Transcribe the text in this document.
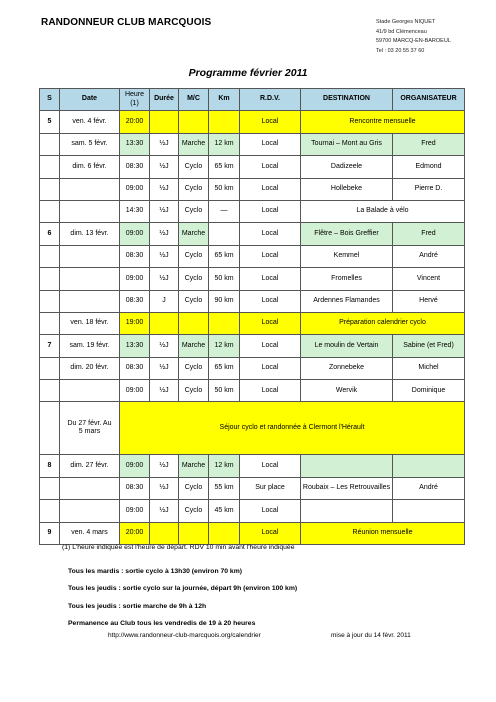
RANDONNEUR CLUB MARCQUOIS	Stade Georges NIQUET
41/9 bd Clémenceau
59700 MARCQ-EN-BAROEUL
Tel : 03 20 55 37 60
Programme février 2011
S	Date	Heure (1)	Durée	M/C	Km	R.D.V.	DESTINATION	ORGANISATEUR
5	ven. 4 févr.	20:00				Local	Rencontre mensuelle	
	sam. 5 févr.	13:30	½J	Marche	12 km	Local	Tournai – Mont au Gris	Fred
	dim. 6 févr.	08:30	½J	Cyclo	65 km	Local	Dadizeele	Edmond
		09:00	½J	Cyclo	50 km	Local	Hollebeke	Pierre D.
		14:30	½J	Cyclo	—	Local	La Balade à vélo	
6	dim. 13 févr.	09:00	½J	Marche		Local	Flêtre – Bois Greffier	Fred
		08:30	½J	Cyclo	65 km	Local	Kemmel	André
		09:00	½J	Cyclo	50 km	Local	Fromelles	Vincent
		08:30	J	Cyclo	90 km	Local	Ardennes Flamandes	Hervé
	ven. 18 févr.	19:00				Local	Préparation calendrier cyclo	
7	sam. 19 févr.	13:30	½J	Marche	12 km	Local	Le moulin de Vertain	Sabine (et Fred)
	dim. 20 févr.	08:30	½J	Cyclo	65 km	Local	Zonnebeke	Michel
		09:00	½J	Cyclo	50 km	Local	Wervik	Dominique
	Du 27 févr. Au 5 mars	Séjour cyclo et randonnée à Clermont l'Hérault						
8	dim. 27 févr.	09:00	½J	Marche	12 km	Local		
		08:30	½J	Cyclo	55 km	Sur place	Roubaix – Les Retrouvailles	André
		09:00	½J	Cyclo	45 km	Local		
9	ven. 4 mars	20:00				Local	Réunion mensuelle	
(1) L'heure indiquée est l'heure de départ. RDV 10 min avant l'heure indiquée
Tous les mardis : sortie cyclo à 13h30 (environ 70 km)
Tous les jeudis : sortie cyclo sur la journée, départ 9h (environ 100 km)
Tous les jeudis : sortie marche de 9h à 12h
Permanence au Club tous les vendredis de 19 à 20 heures
http://www.randonneur-club-marcquois.org/calendrier	mise à jour du 14 févr. 2011
